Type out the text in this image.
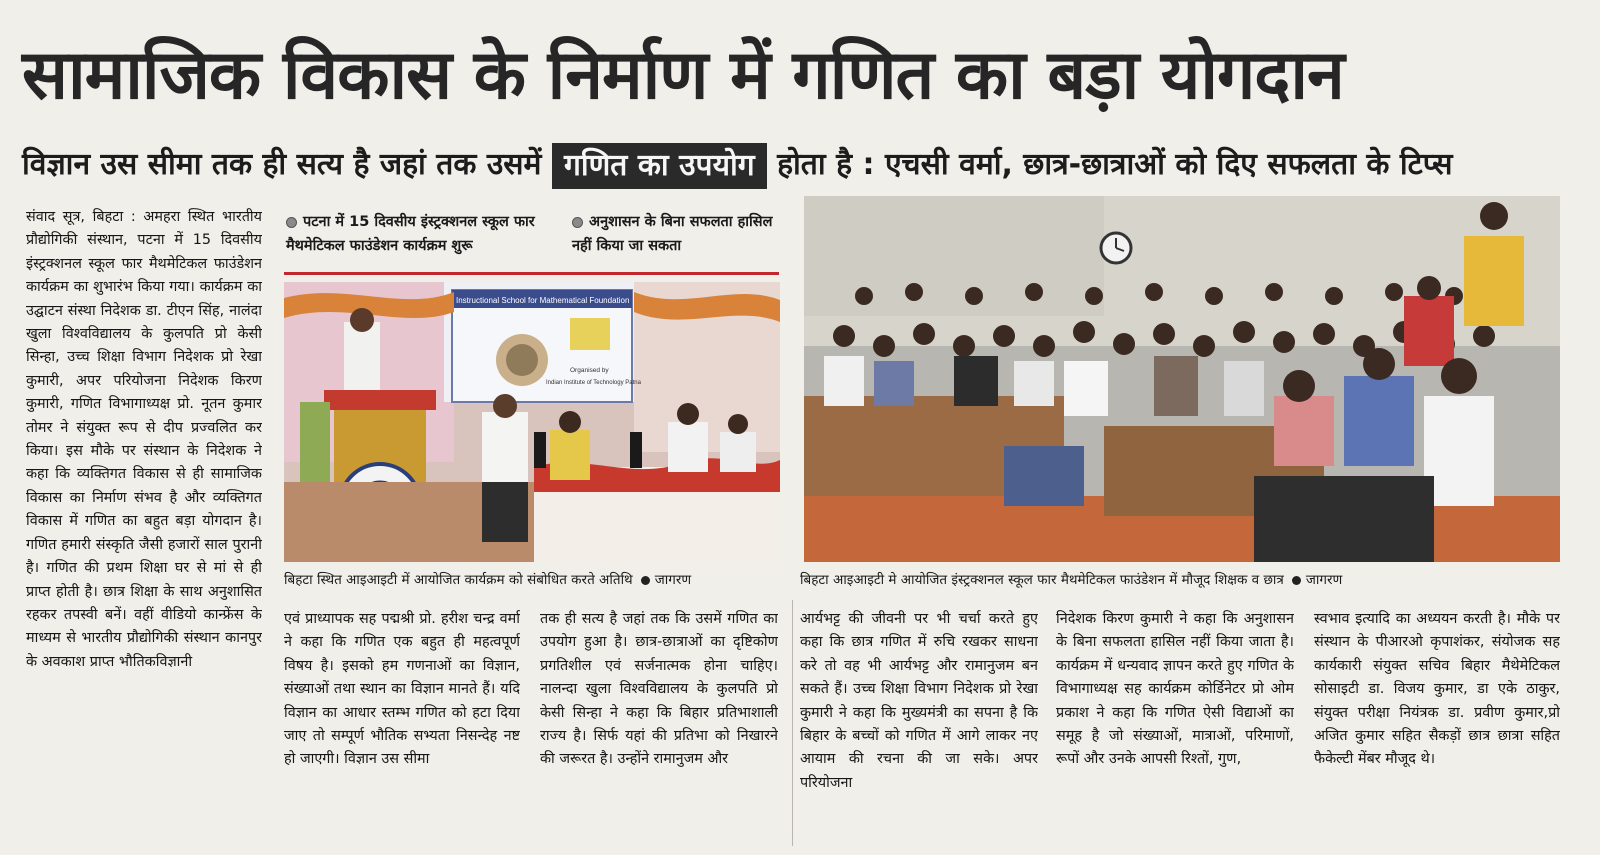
सामाजिक विकास के निर्माण में गणित का बड़ा योगदान
विज्ञान उस सीमा तक ही सत्य है जहां तक उसमें गणित का उपयोग होता है : एचसी वर्मा, छात्र-छात्राओं को दिए सफलता के टिप्स
पटना में 15 दिवसीय इंस्ट्रक्शनल स्कूल फार मैथमेटिकल फाउंडेशन कार्यक्रम शुरू
अनुशासन के बिना सफलता हासिल नहीं किया जा सकता
Instructional School for Mathematical Foundation
Organised by
Indian Institute of Technology Patna
बिहटा स्थित आइआइटी में आयोजित कार्यक्रम को संबोधित करते अतिथि जागरण	बिहटा आइआइटी मे आयोजित इंस्ट्रक्शनल स्कूल फार मैथमेटिकल फाउंडेशन में मौजूद शिक्षक व छात्र जागरण

संवाद सूत्र, बिहटा : अमहरा स्थित भारतीय प्रौद्योगिकी संस्थान, पटना में 15 दिवसीय इंस्ट्रक्शनल स्कूल फार मैथमेटिकल फाउंडेशन कार्यक्रम का शुभारंभ किया गया। कार्यक्रम का उद्घाटन संस्था निदेशक डा. टीएन सिंह, नालंदा खुला विश्वविद्यालय के कुलपति प्रो केसी सिन्हा, उच्च शिक्षा विभाग निदेशक प्रो रेखा कुमारी, अपर परियोजना निदेशक किरण कुमारी, गणित विभागाध्यक्ष प्रो. नूतन कुमार तोमर ने संयुक्त रूप से दीप प्रज्वलित कर किया। इस मौके पर संस्थान के निदेशक ने कहा कि व्यक्तिगत विकास से ही सामाजिक विकास का निर्माण संभव है और व्यक्तिगत विकास में गणित का बहुत बड़ा योगदान है। गणित हमारी संस्कृति जैसी हजारों साल पुरानी है। गणित की प्रथम शिक्षा घर से मां से ही प्राप्त होती है। छात्र शिक्षा के साथ अनुशासित रहकर तपस्वी बनें। वहीं वीडियो कान्फ्रेंस के माध्यम से भारतीय प्रौद्योगिकी संस्थान कानपुर के अवकाश प्राप्त भौतिकविज्ञानी

एवं प्राध्यापक सह पद्मश्री प्रो. हरीश चन्द्र वर्मा ने कहा कि गणित एक बहुत ही महत्वपूर्ण विषय है। इसको हम गणनाओं का विज्ञान, संख्याओं तथा स्थान का विज्ञान मानते हैं। यदि विज्ञान का आधार स्तम्भ गणित को हटा दिया जाए तो सम्पूर्ण भौतिक सभ्यता निसन्देह नष्ट हो जाएगी। विज्ञान उस सीमा

तक ही सत्य है जहां तक कि उसमें गणित का उपयोग हुआ है। छात्र-छात्राओं का दृष्टिकोण प्रगतिशील एवं सर्जनात्मक होना चाहिए। नालन्दा खुला विश्वविद्यालय के कुलपति प्रो केसी सिन्हा ने कहा कि बिहार प्रतिभाशाली राज्य है। सिर्फ यहां की प्रतिभा को निखारने की जरूरत है। उन्होंने रामानुजम और

आर्यभट्ट की जीवनी पर भी चर्चा करते हुए कहा कि छात्र गणित में रुचि रखकर साधना करे तो वह भी आर्यभट्ट और रामानुजम बन सकते हैं। उच्च शिक्षा विभाग निदेशक प्रो रेखा कुमारी ने कहा कि मुख्यमंत्री का सपना है कि बिहार के बच्चों को गणित में आगे लाकर नए आयाम की रचना की जा सके। अपर परियोजना

निदेशक किरण कुमारी ने कहा कि अनुशासन के बिना सफलता हासिल नहीं किया जाता है।कार्यक्रम में धन्यवाद ज्ञापन करते हुए गणित के विभागाध्यक्ष सह कार्यक्रम कोर्डिनेटर प्रो ओम प्रकाश ने कहा कि गणित ऐसी विद्याओं का समूह है जो संख्याओं, मात्राओं, परिमाणों, रूपों और उनके आपसी रिश्तों, गुण,

स्वभाव इत्यादि का अध्ययन करती है। मौके पर संस्थान के पीआरओ कृपाशंकर, संयोजक सह कार्यकारी संयुक्त सचिव बिहार मैथेमेटिकल सोसाइटी डा. विजय कुमार, डा एके ठाकुर, संयुक्त परीक्षा नियंत्रक डा. प्रवीण कुमार,प्रो अजित कुमार सहित सैकड़ों छात्र छात्रा सहित फैकेल्टी मेंबर मौजूद थे।
